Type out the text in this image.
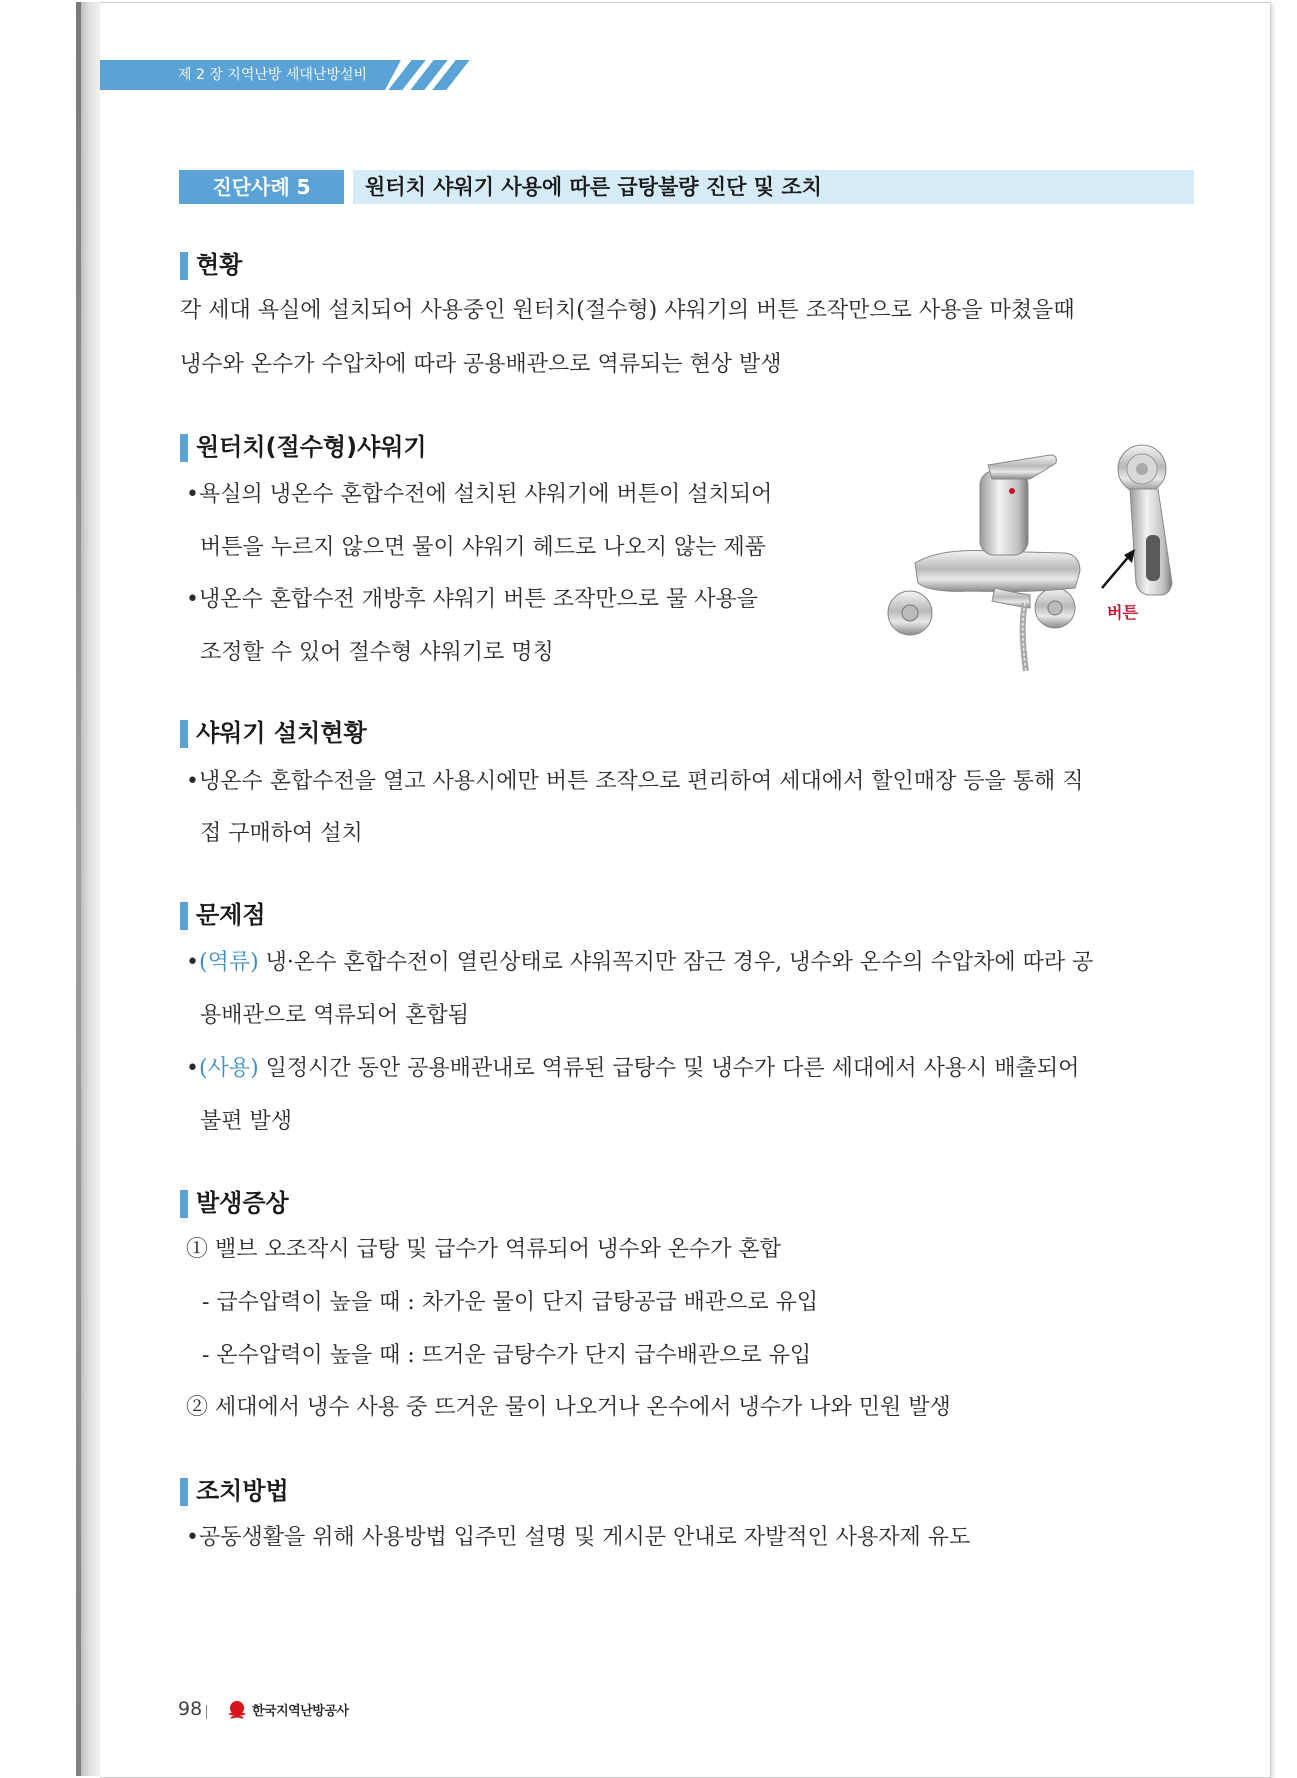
제 2 장 지역난방 세대난방설비
진단사례 5	원터치 샤워기 사용에 따른 급탕불량 진단 및 조치
현황
각 세대 욕실에 설치되어 사용중인 원터치(절수형) 샤워기의 버튼 조작만으로 사용을 마쳤을때
냉수와 온수가 수압차에 따라 공용배관으로 역류되는 현상 발생
원터치(절수형)샤워기
•욕실의 냉온수 혼합수전에 설치된 샤워기에 버튼이 설치되어
버튼을 누르지 않으면 물이 샤워기 헤드로 나오지 않는 제품
•냉온수 혼합수전 개방후 샤워기 버튼 조작만으로 물 사용을
조정할 수 있어 절수형 샤워기로 명칭
버튼
샤워기 설치현황
•냉온수 혼합수전을 열고 사용시에만 버튼 조작으로 편리하여 세대에서 할인매장 등을 통해 직
접 구매하여 설치
문제점
•(역류) 냉·온수 혼합수전이 열린상태로 샤워꼭지만 잠근 경우, 냉수와 온수의 수압차에 따라 공
용배관으로 역류되어 혼합됨
•(사용) 일정시간 동안 공용배관내로 역류된 급탕수 및 냉수가 다른 세대에서 사용시 배출되어
불편 발생
발생증상
① 밸브 오조작시 급탕 및 급수가 역류되어 냉수와 온수가 혼합
- 급수압력이 높을 때 : 차가운 물이 단지 급탕공급 배관으로 유입
- 온수압력이 높을 때 : 뜨거운 급탕수가 단지 급수배관으로 유입
② 세대에서 냉수 사용 중 뜨거운 물이 나오거나 온수에서 냉수가 나와 민원 발생
조치방법
•공동생활을 위해 사용방법 입주민 설명 및 게시문 안내로 자발적인 사용자제 유도
98	한국지역난방공사
